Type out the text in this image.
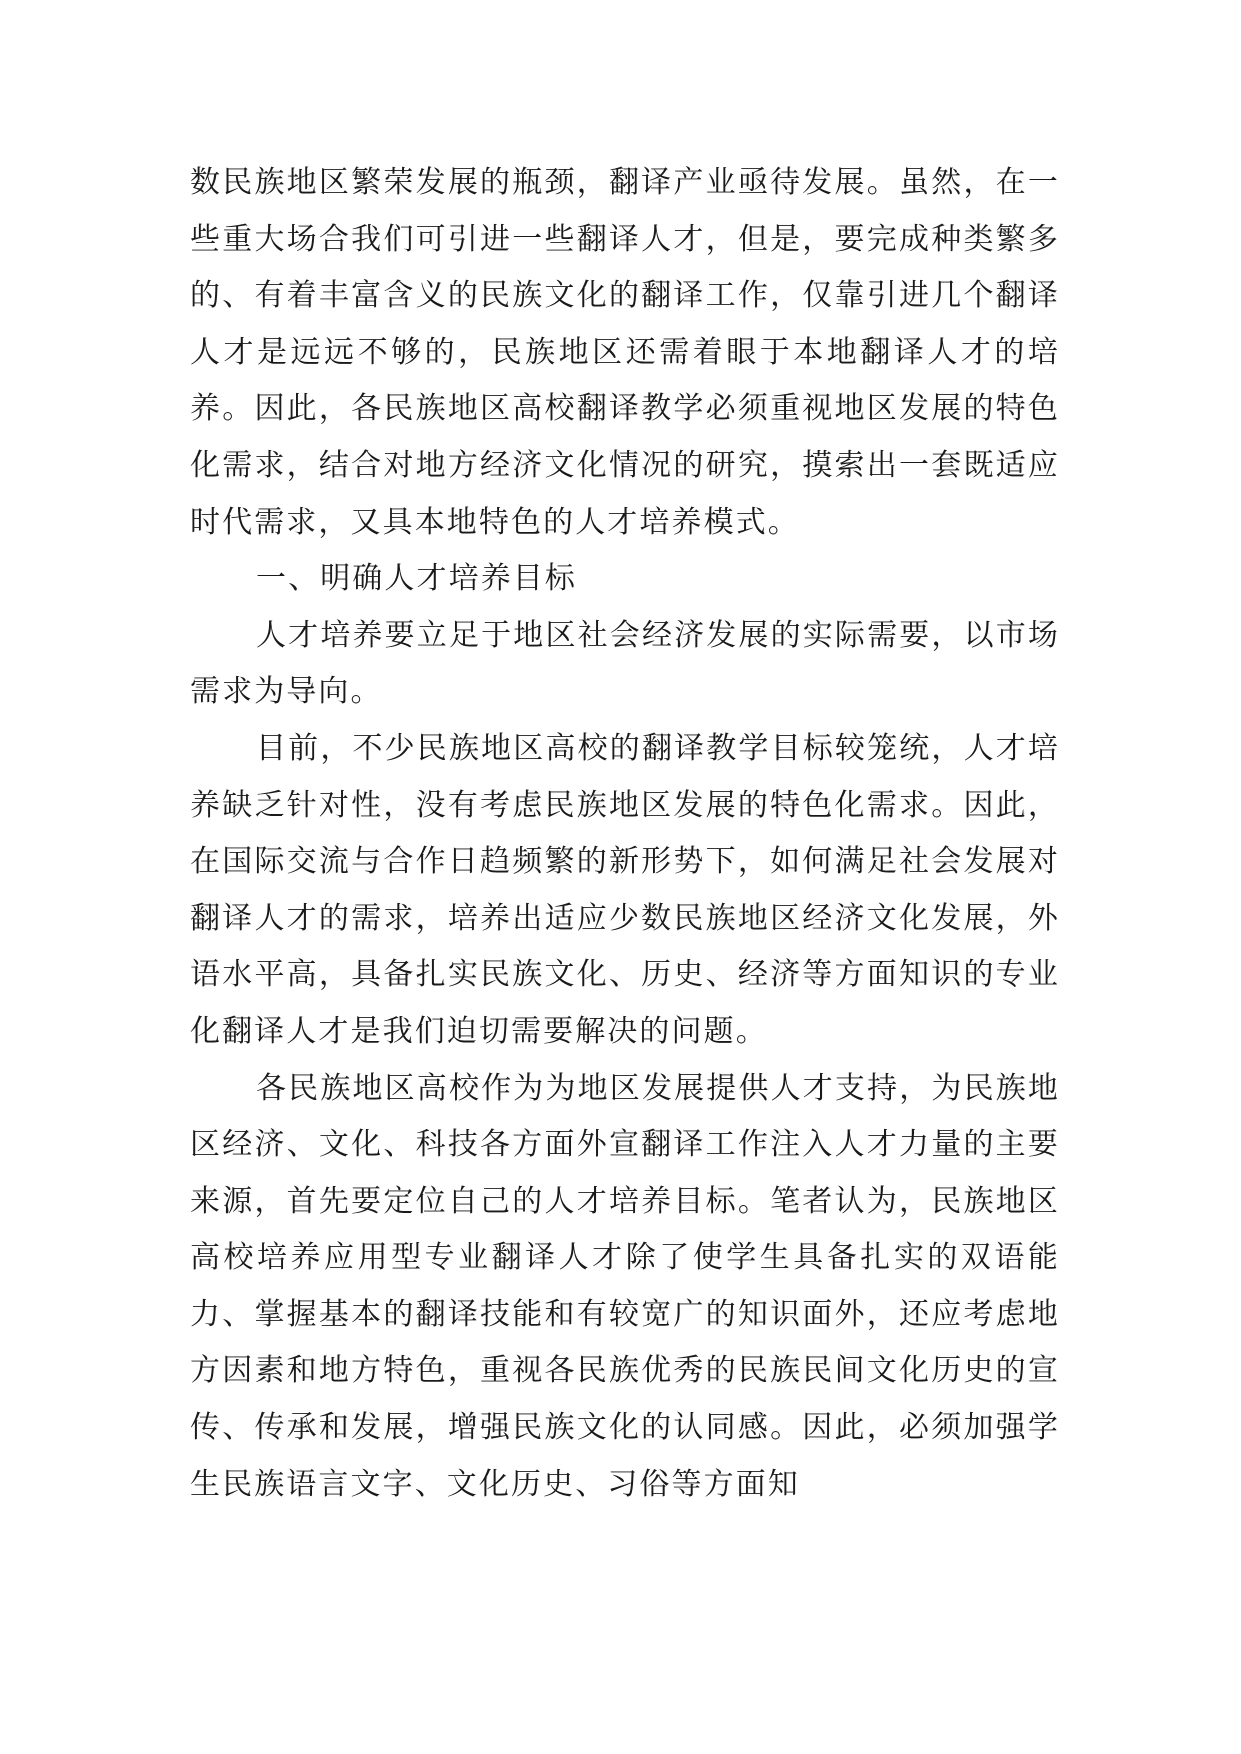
数民族地区繁荣发展的瓶颈，翻译产业亟待发展。虽然，在一些重大场合我们可引进一些翻译人才，但是，要完成种类繁多的、有着丰富含义的民族文化的翻译工作，仅靠引进几个翻译人才是远远不够的，民族地区还需着眼于本地翻译人才的培养。因此，各民族地区高校翻译教学必须重视地区发展的特色化需求，结合对地方经济文化情况的研究，摸索出一套既适应时代需求，又具本地特色的人才培养模式。

一、明确人才培养目标

人才培养要立足于地区社会经济发展的实际需要，以市场需求为导向。

目前，不少民族地区高校的翻译教学目标较笼统，人才培养缺乏针对性，没有考虑民族地区发展的特色化需求。因此，在国际交流与合作日趋频繁的新形势下，如何满足社会发展对翻译人才的需求，培养出适应少数民族地区经济文化发展，外语水平高，具备扎实民族文化、历史、经济等方面知识的专业化翻译人才是我们迫切需要解决的问题。

各民族地区高校作为为地区发展提供人才支持，为民族地区经济、文化、科技各方面外宣翻译工作注入人才力量的主要来源，首先要定位自己的人才培养目标。笔者认为，民族地区高校培养应用型专业翻译人才除了使学生具备扎实的双语能力、掌握基本的翻译技能和有较宽广的知识面外，还应考虑地方因素和地方特色，重视各民族优秀的民族民间文化历史的宣传、传承和发展，增强民族文化的认同感。因此，必须加强学生民族语言文字、文化历史、习俗等方面知
